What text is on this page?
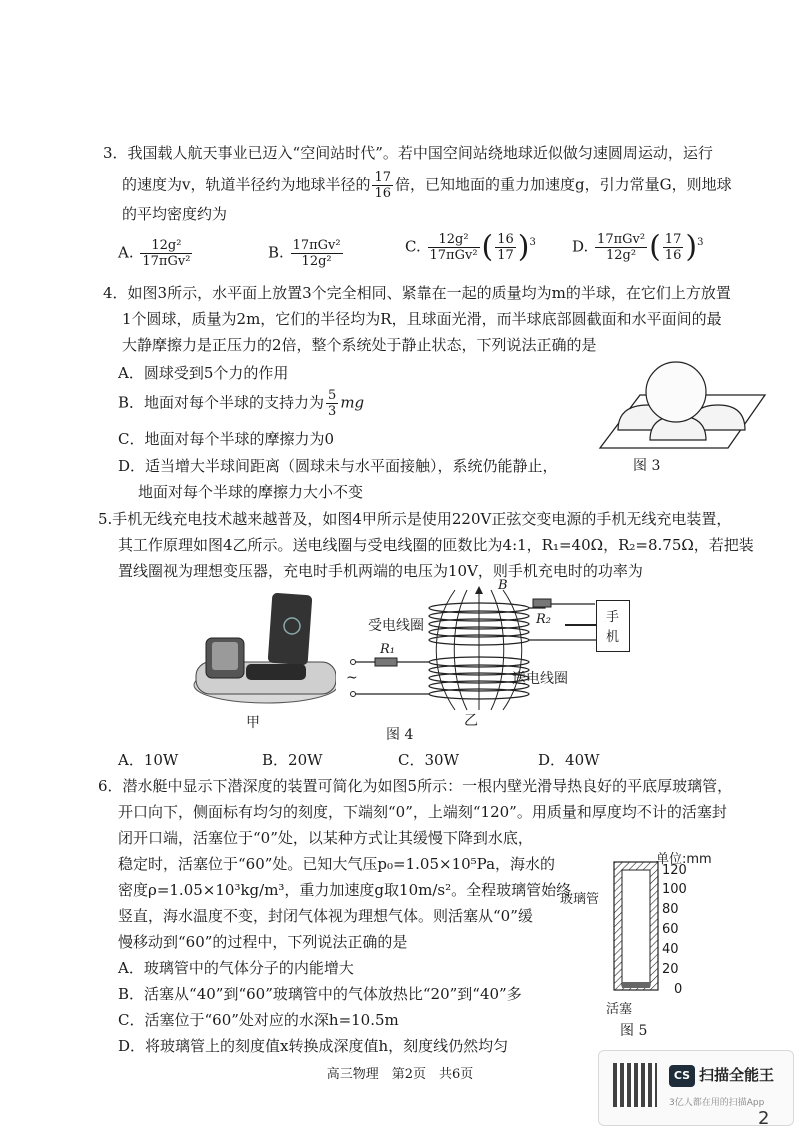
3．我国载人航天事业已迈入“空间站时代”。若中国空间站绕地球近似做匀速圆周运动，运行
的速度为v，轨道半径约为地球半径的 $\frac{17}{16}$ 倍，已知地面的重力加速度g，引力常量G，则地球
的平均密度约为
A. $\frac{\text{12g²}}{\text{17πGv²}}$	B. $\frac{\text{17πGv²}}{\text{12g²}}$	C. $\frac{\text{12g²}}{\text{17πGv²}}$ ( $\frac{16}{17} )^3$ D. $\frac{\text{17πGv²}}{\text{12g²}}$ ( $\frac{17}{16} )^3$
4．如图3所示，水平面上放置3个完全相同、紧靠在一起的质量均为m的半球，在它们上方放置
1个圆球，质量为2m，它们的半径均为R，且球面光滑，而半球底部圆截面和水平面间的最
大静摩擦力是正压力的2倍，整个系统处于静止状态，下列说法正确的是
A．圆球受到5个力的作用
B．地面对每个半球的支持力为 $\frac{5}{3}$ mg
C．地面对每个半球的摩擦力为0
D．适当增大半球间距离（圆球未与水平面接触），系统仍能静止，
地面对每个半球的摩擦力大小不变
图 3
5.手机无线充电技术越来越普及，如图4甲所示是使用220V正弦交变电源的手机无线充电装置，
其工作原理如图4乙所示。送电线圈与受电线圈的匝数比为4:1，R₁=40Ω，R₂=8.75Ω，若把装
置线圈视为理想变压器，充电时手机两端的电压为10V，则手机充电时的功率为
甲
手
机
受电线圈
送电线圈
R₁
R₂
B
~
乙
图 4
A．10W	B．20W	C．30W	D．40W
6．潜水艇中显示下潜深度的装置可简化为如图5所示：一根内壁光滑导热良好的平底厚玻璃管，
开口向下，侧面标有均匀的刻度，下端刻“0”，上端刻“120”。用质量和厚度均不计的活塞封
闭开口端，活塞位于“0”处，以某种方式让其缓慢下降到水底，
稳定时，活塞位于“60”处。已知大气压p₀=1.05×10⁵Pa，海水的
密度ρ=1.05×10³kg/m³，重力加速度g取10m/s²。全程玻璃管始终
竖直，海水温度不变，封闭气体视为理想气体。则活塞从“0”缓
慢移动到“60”的过程中，下列说法正确的是
A．玻璃管中的气体分子的内能增大
B．活塞从“40”到“60”玻璃管中的气体放热比“20”到“40”多
C．活塞位于“60”处对应的水深h=10.5m
D．将玻璃管上的刻度值x转换成深度值h，刻度线仍然均匀
120
100
80
60
40
20
0
单位:mm
玻璃管
活塞
图 5
高三物理　第2页　共6页	CS 扫描全能王
3亿人都在用的扫描App
2
